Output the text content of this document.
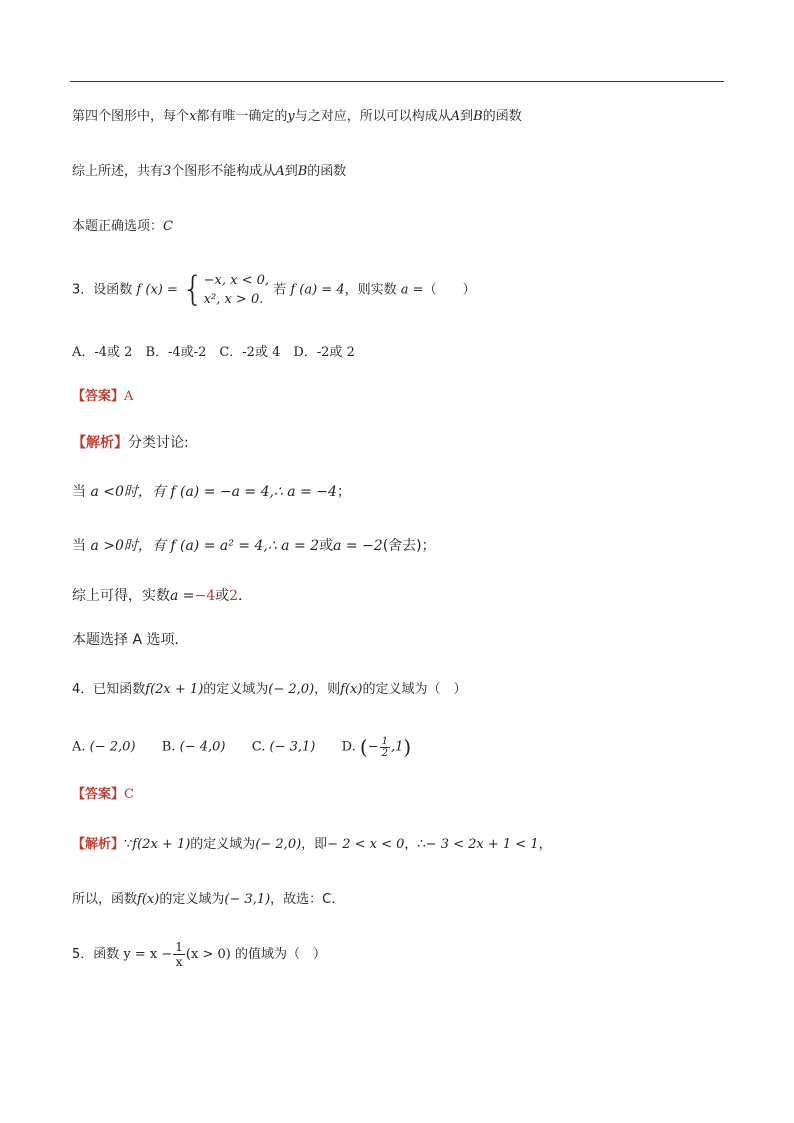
第四个图形中，每个x都有唯一确定的y与之对应，所以可以构成从A到B的函数
综上所述，共有3个图形不能构成从A到B的函数
本题正确选项：C
3．设函数 f (x) = { −x, x < 0,
x², x > 0.
若 f (a) = 4，则实数 a =（　　）
A．-4或 2　B．-4或-2　C．-2或 4　D．-2或 2
【答案】A
【解析】分类讨论:
当 a <0时，有 f (a) = −a = 4,∴ a = −4；
当 a >0时，有 f (a) = a² = 4,∴ a = 2或a = −2(舍去)；
综上可得，实数a =−4或2．
本题选择 A 选项.
4．已知函数f(2x + 1)的定义域为(− 2,0)，则f(x)的定义域为（　）
A. (− 2,0) B. (− 4,0) C. (− 3,1) D. (− $\frac{1}{2} ,1$)
【答案】C
【解析】∵f(2x + 1)的定义域为(− 2,0)，即− 2 < x < 0，∴− 3 < 2x + 1 < 1，
所以，函数f(x)的定义域为(− 3,1)，故选：C.
5．函数 $y = x - \frac{1}{x} (x > 0)$ 的值域为（　）
